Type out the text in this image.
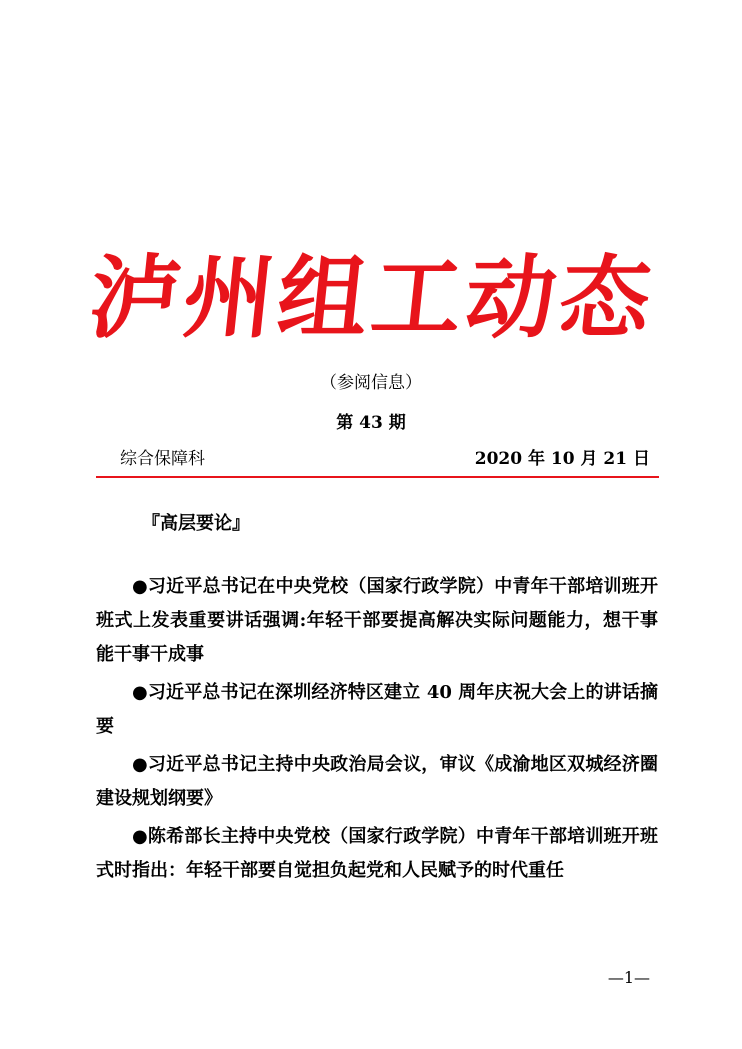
泸州组工动态
（参阅信息）
第 43 期
综合保障科	2020 年 10 月 21 日
『高层要论』

●习近平总书记在中央党校（国家行政学院）中青年干部培训班开班式上发表重要讲话强调:年轻干部要提高解决实际问题能力，想干事能干事干成事

●习近平总书记在深圳经济特区建立 40 周年庆祝大会上的讲话摘要

●习近平总书记主持中央政治局会议，审议《成渝地区双城经济圈建设规划纲要》

●陈希部长主持中央党校（国家行政学院）中青年干部培训班开班式时指出：年轻干部要自觉担负起党和人民赋予的时代重任

—1—
